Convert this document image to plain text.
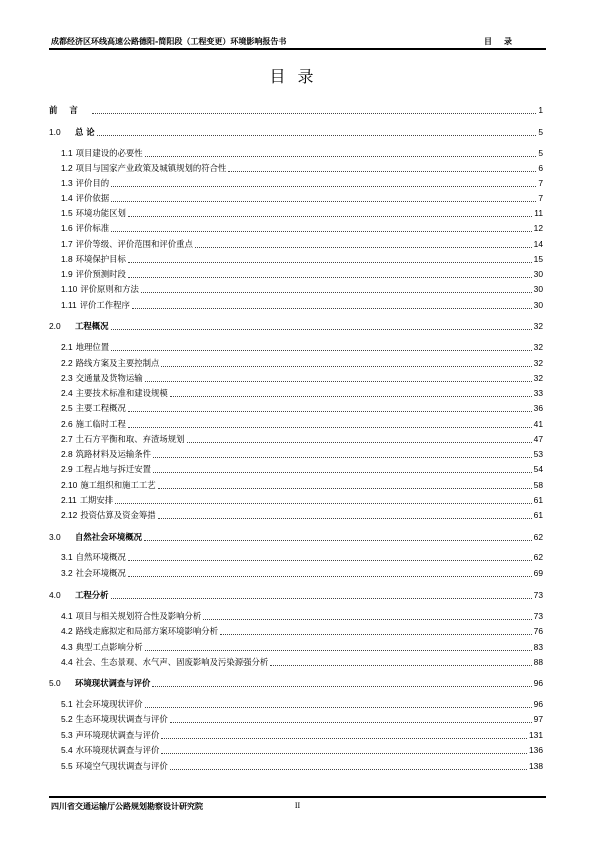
成都经济区环线高速公路德阳-简阳段（工程变更）环境影响报告书	目录
目录
前言	1
1.0	总 论	5
1.1 项目建设的必要性	5
1.2 项目与国家产业政策及城镇规划的符合性	6
1.3 评价目的	7
1.4 评价依据	7
1.5 环境功能区划	11
1.6 评价标准	12
1.7 评价等级、评价范围和评价重点	14
1.8 环境保护目标	15
1.9 评价预测时段	30
1.10 评价原则和方法	30
1.11 评价工作程序	30
2.0	工程概况	32
2.1 地理位置	32
2.2 路线方案及主要控制点	32
2.3 交通量及货物运输	32
2.4 主要技术标准和建设规模	33
2.5 主要工程概况	36
2.6 施工临时工程	41
2.7 土石方平衡和取、弃渣场规划	47
2.8 筑路材料及运输条件	53
2.9 工程占地与拆迁安置	54
2.10 施工组织和施工工艺	58
2.11 工期安排	61
2.12 投资估算及资金筹措	61
3.0	自然社会环境概况	62
3.1 自然环境概况	62
3.2 社会环境概况	69
4.0	工程分析	73
4.1 项目与相关规划符合性及影响分析	73
4.2 路线走廊拟定和局部方案环境影响分析	76
4.3 典型工点影响分析	83
4.4 社会、生态景观、水气声、固废影响及污染源强分析	88
5.0	环境现状调查与评价	96
5.1 社会环境现状评价	96
5.2 生态环境现状调查与评价	97
5.3 声环境现状调查与评价	131
5.4 水环境现状调查与评价	136
5.5 环境空气现状调查与评价	138
四川省交通运输厅公路规划勘察设计研究院	II
